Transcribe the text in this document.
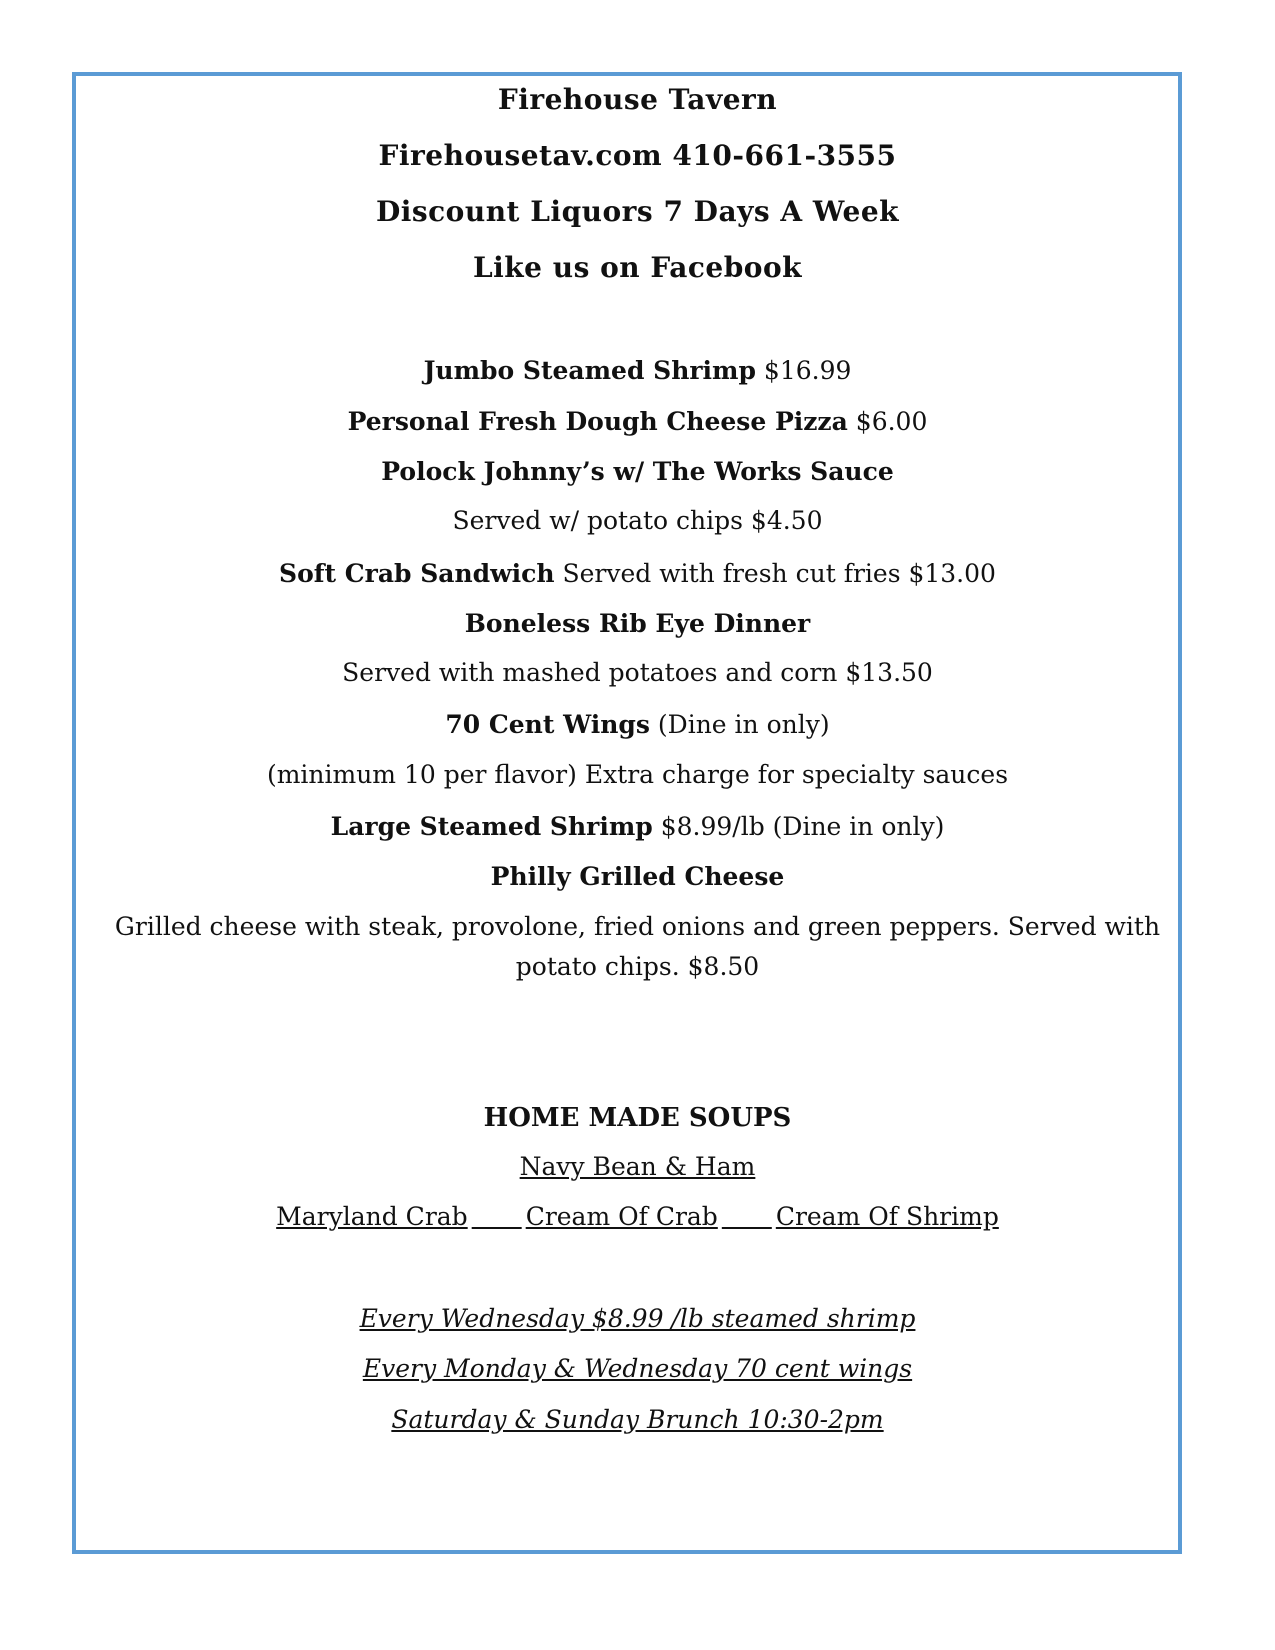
Firehouse Tavern
Firehousetav.com 410-661-3555
Discount Liquors 7 Days A Week
Like us on Facebook
Jumbo Steamed Shrimp $16.99
Personal Fresh Dough Cheese Pizza $6.00
Polock Johnny’s w/ The Works Sauce
Served w/ potato chips $4.50
Soft Crab Sandwich Served with fresh cut fries $13.00
Boneless Rib Eye Dinner
Served with mashed potatoes and corn $13.50
70 Cent Wings (Dine in only)
(minimum 10 per flavor) Extra charge for specialty sauces
Large Steamed Shrimp $8.99/lb (Dine in only)
Philly Grilled Cheese
Grilled cheese with steak, provolone, fried onions and green peppers. Served with potato chips. $8.50
HOME MADE SOUPS
Navy Bean & Ham
Maryland Crab   Cream Of Crab   Cream Of Shrimp
Every Wednesday $8.99 /lb steamed shrimp
Every Monday & Wednesday 70 cent wings
Saturday & Sunday Brunch 10:30-2pm
